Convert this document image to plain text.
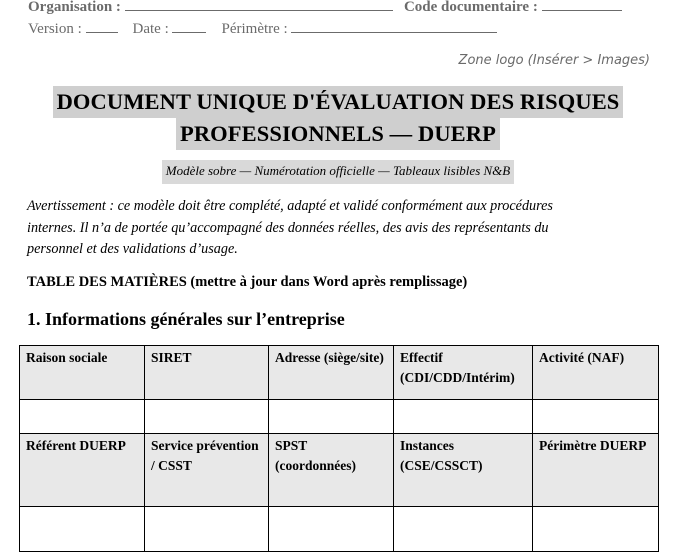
Organisation :	Code documentaire :
Version :	Date :	Périmètre :
Zone logo (Insérer > Images)
DOCUMENT UNIQUE D'ÉVALUATION DES RISQUES
PROFESSIONNELS — DUERP
Modèle sobre — Numérotation officielle — Tableaux lisibles N&B
Avertissement : ce modèle doit être complété, adapté et validé conformément aux procédures
internes. Il n’a de portée qu’accompagné des données réelles, des avis des représentants du
personnel et des validations d’usage.
TABLE DES MATIÈRES (mettre à jour dans Word après remplissage)
1. Informations générales sur l’entreprise
Raison sociale	SIRET	Adresse (siège/site)	Effectif (CDI/CDD/Intérim)	Activité (NAF)

Référent DUERP	Service prévention / CSST	SPST (coordonnées)	Instances (CSE/CSSCT)	Périmètre DUERP
